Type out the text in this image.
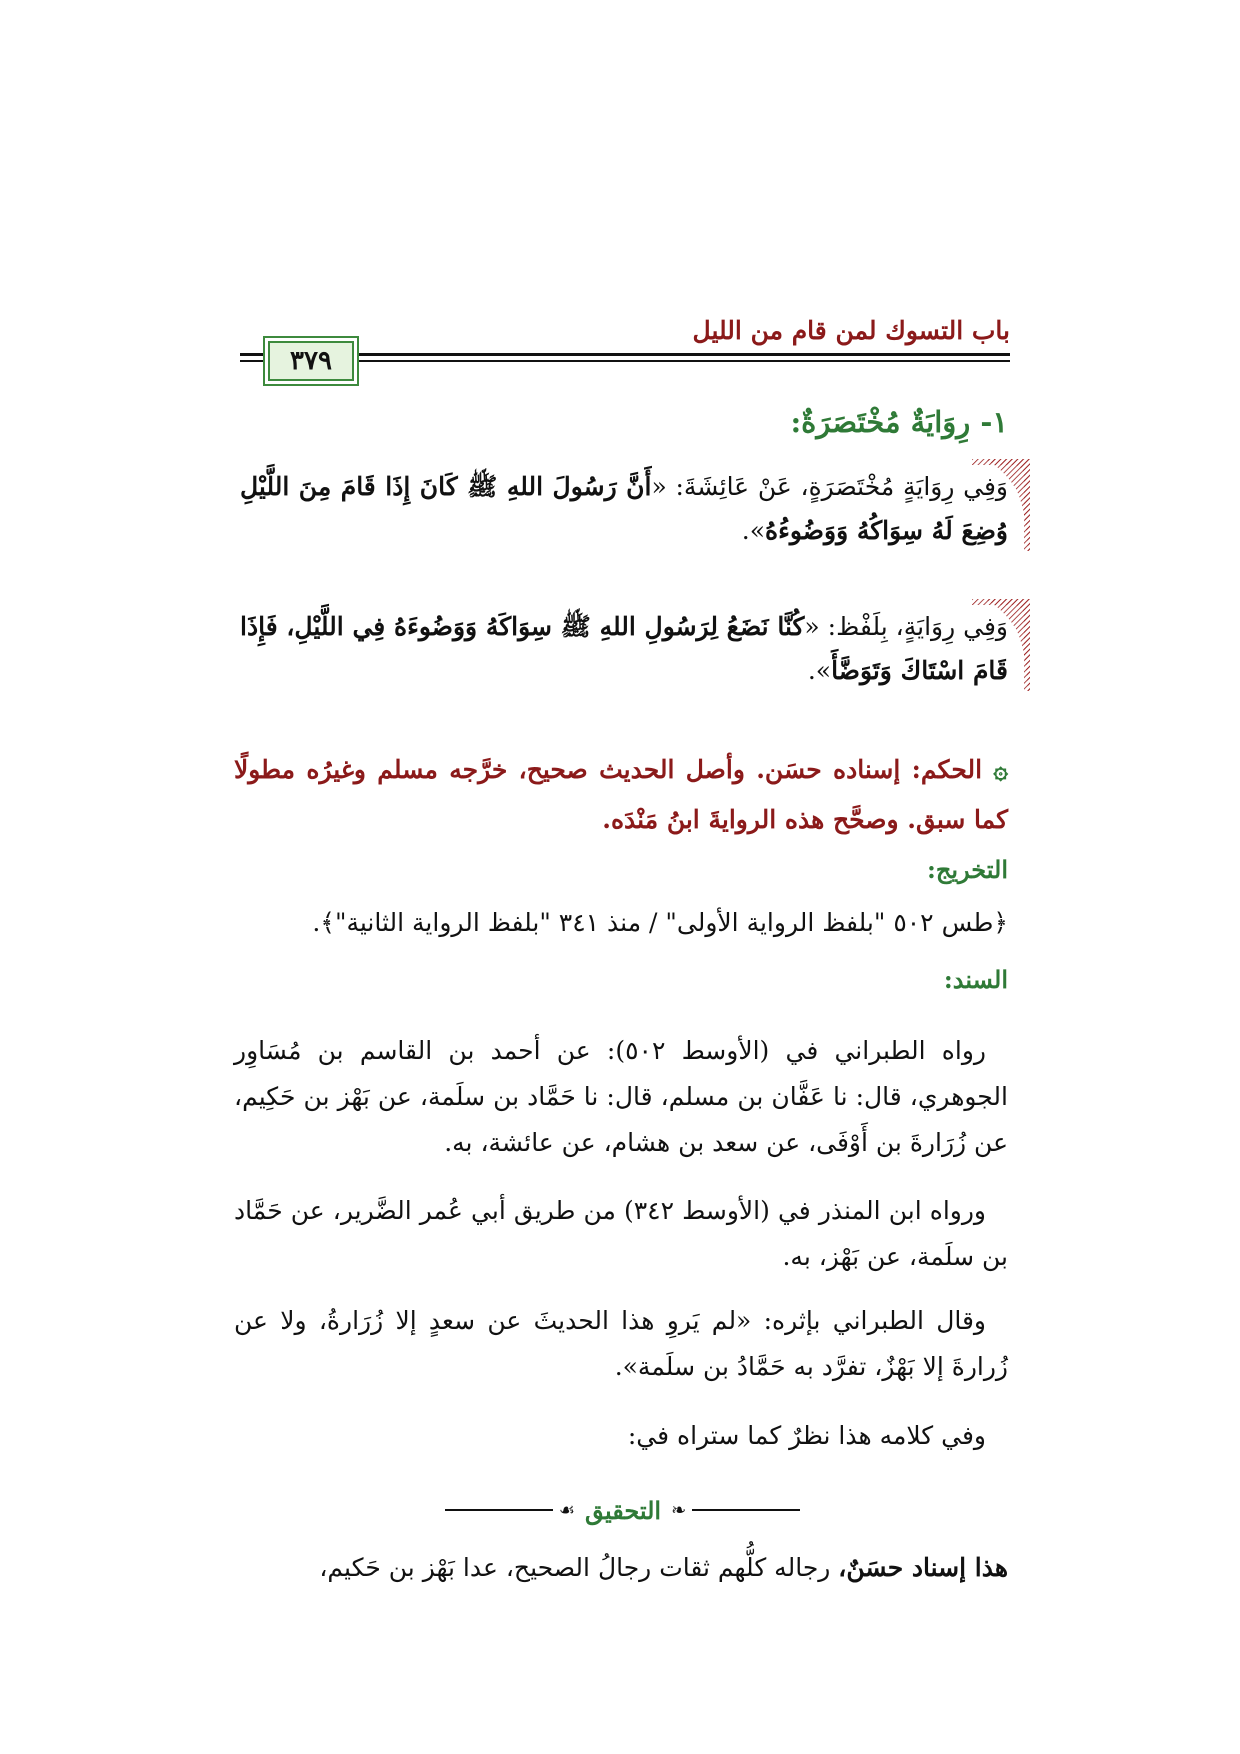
باب التسوك لمن قام من الليل
٣٧٩
١- رِوَايَةٌ مُخْتَصَرَةٌ:

وَفِي رِوَايَةٍ مُخْتَصَرَةٍ، عَنْ عَائِشَةَ: «أَنَّ رَسُولَ اللهِ ﷺ كَانَ إِذَا قَامَ مِنَ اللَّيْلِ وُضِعَ لَهُ سِوَاكُهُ وَوَضُوءُهُ».

وَفِي رِوَايَةٍ، بِلَفْظ: «كُنَّا نَضَعُ لِرَسُولِ اللهِ ﷺ سِوَاكَهُ وَوَضُوءَهُ فِي اللَّيْلِ، فَإِذَا قَامَ اسْتَاكَ وَتَوَضَّأَ».

۞ الحكم: إسناده حسَن. وأصل الحديث صحيح، خرَّجه مسلم وغيرُه مطولًا كما سبق. وصحَّح هذه الروايةَ ابنُ مَنْدَه.

التخريج:

﴿طس ٥٠٢ "بلفظ الرواية الأولى" / منذ ٣٤١ "بلفظ الرواية الثانية"﴾.

السند:

رواه الطبراني في (الأوسط ٥٠٢): عن أحمد بن القاسم بن مُسَاوِر الجوهري، قال: نا عَفَّان بن مسلم، قال: نا حَمَّاد بن سلَمة، عن بَهْز بن حَكِيم، عن زُرَارةَ بن أَوْفَى، عن سعد بن هشام، عن عائشة، به.

ورواه ابن المنذر في (الأوسط ٣٤٢) من طريق أبي عُمر الضَّرير، عن حَمَّاد بن سلَمة، عن بَهْز، به.

وقال الطبراني بإثره: «لم يَروِ هذا الحديثَ عن سعدٍ إلا زُرَارةُ، ولا عن زُرارةَ إلا بَهْزٌ، تفرَّد به حَمَّادُ بن سلَمة».

وفي كلامه هذا نظرٌ كما ستراه في:

❧
التحقيق
☙

هذا إسناد حسَنٌ، رجاله كلُّهم ثقات رجالُ الصحيح، عدا بَهْز بن حَكيم،
